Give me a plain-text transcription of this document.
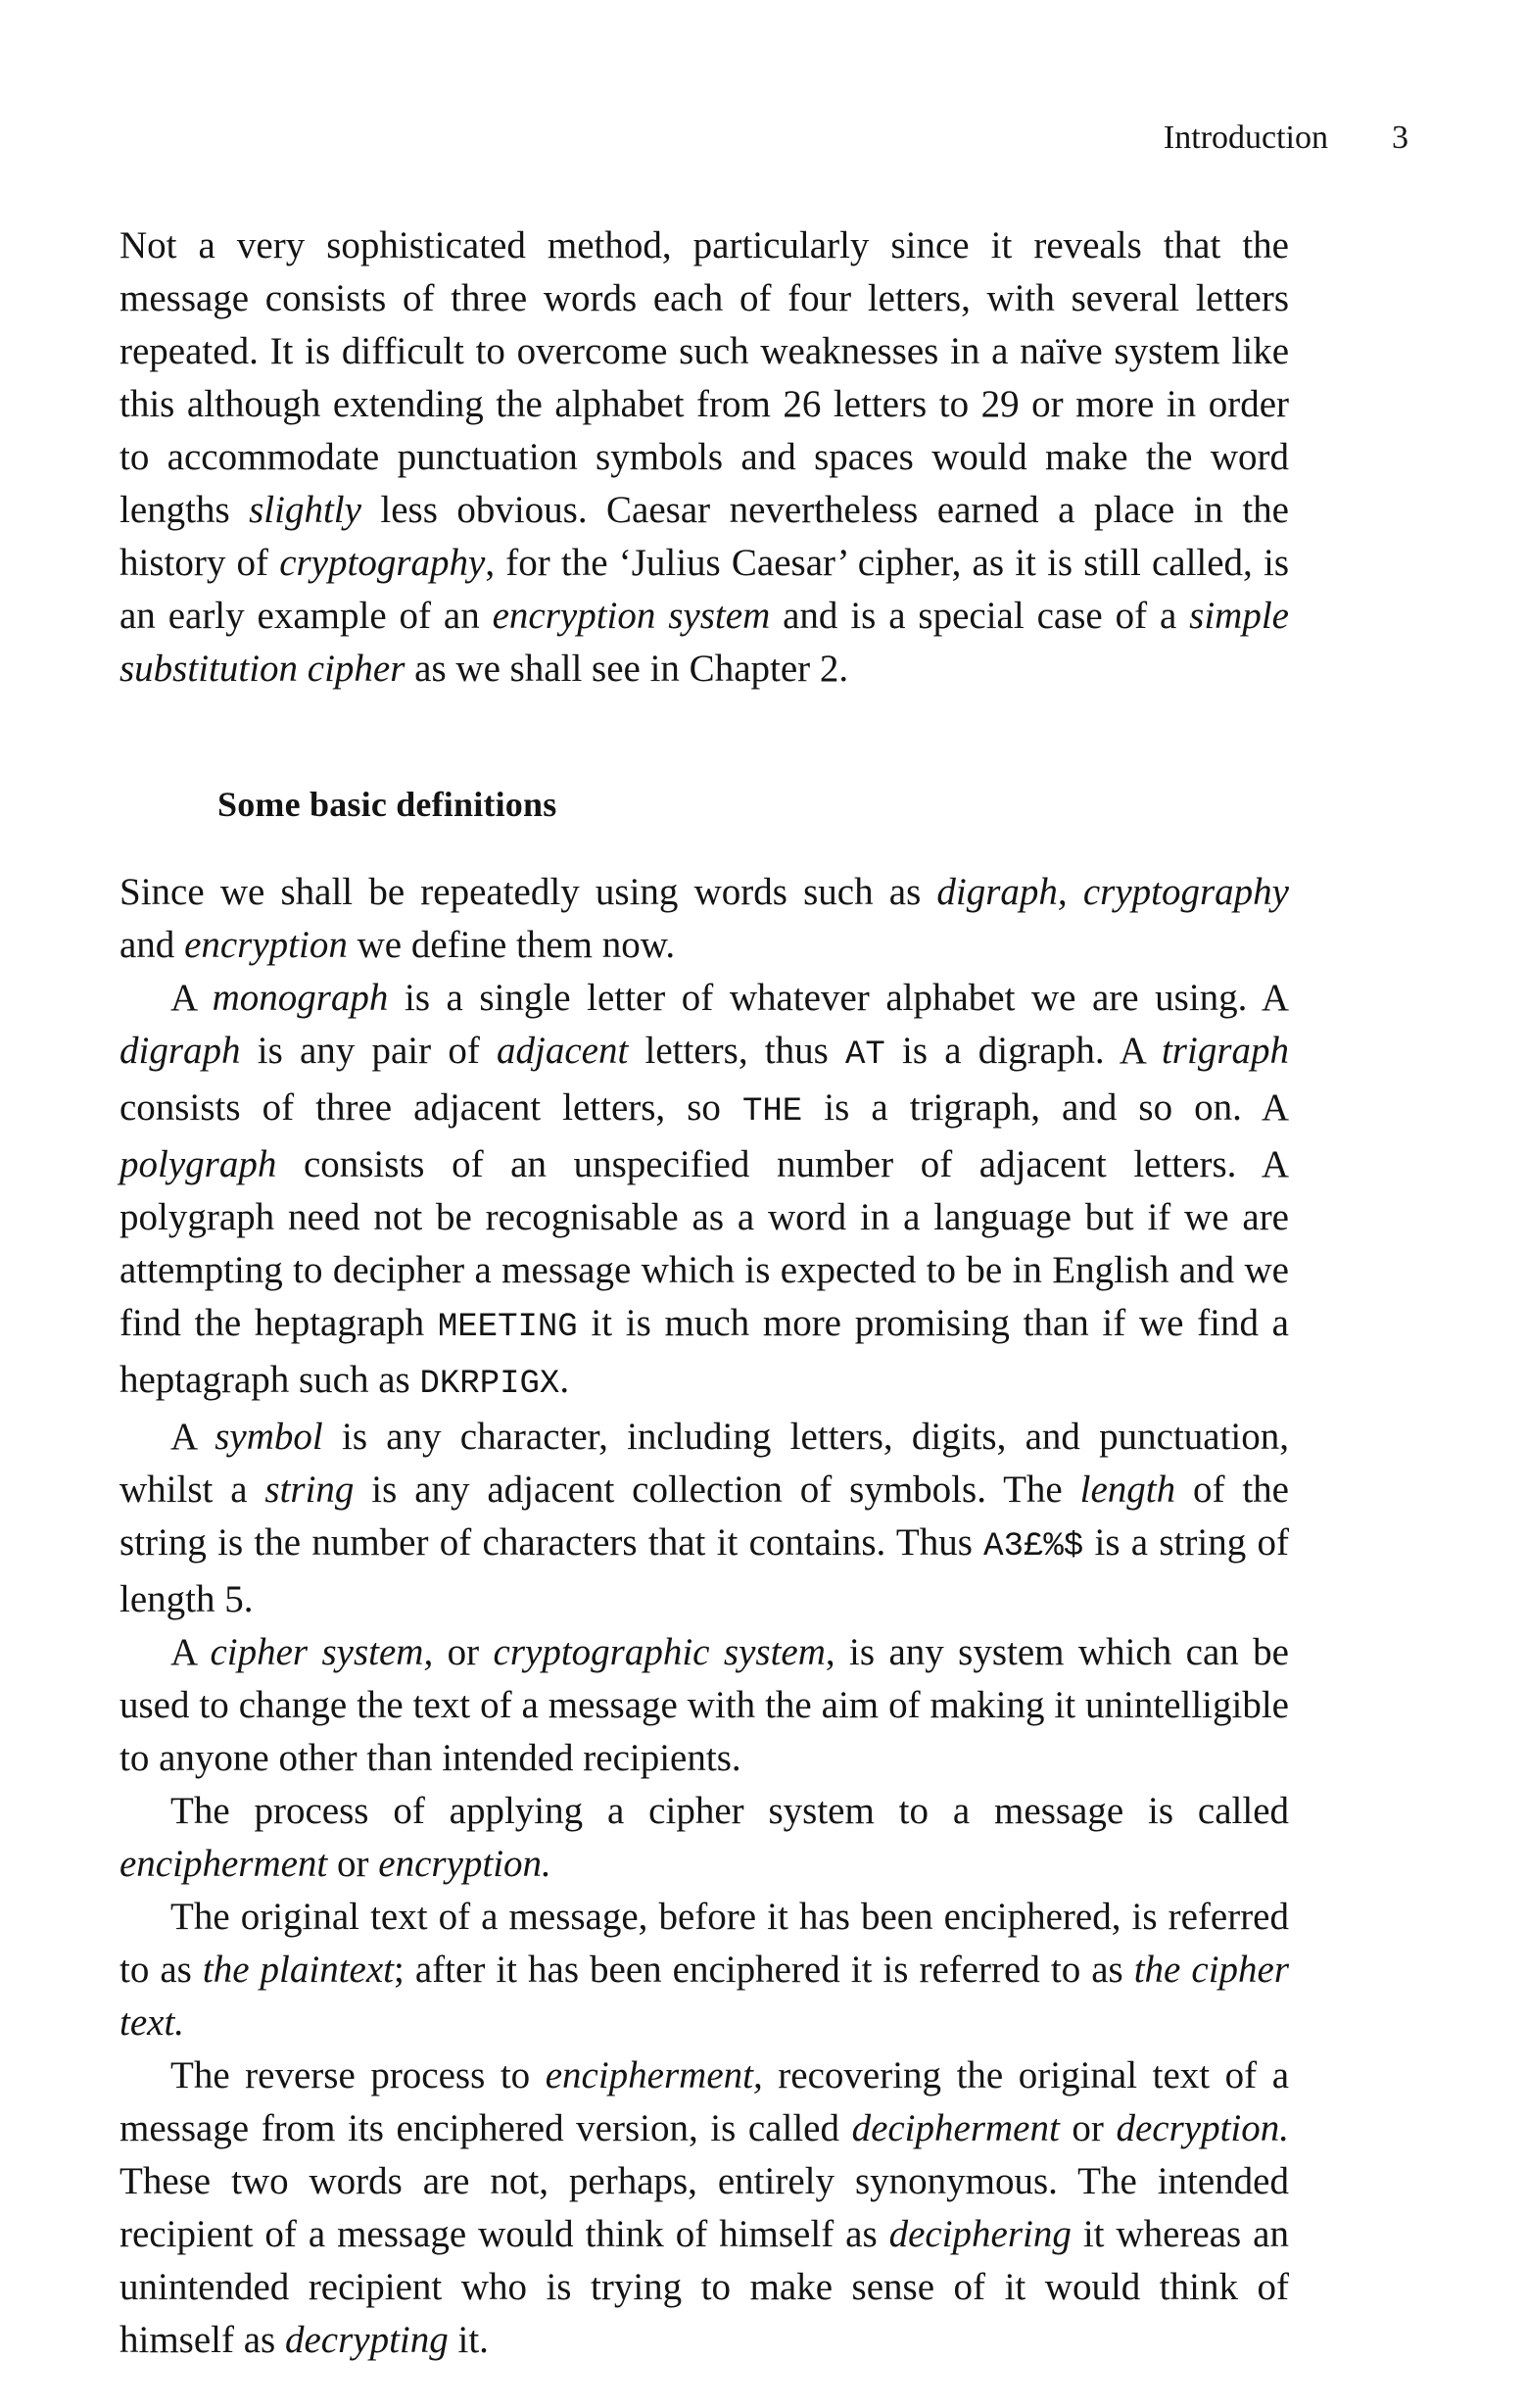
Introduction 3

Not a very sophisticated method, particularly since it reveals that the message consists of three words each of four letters, with several letters repeated. It is difficult to overcome such weaknesses in a naïve system like this although extending the alphabet from 26 letters to 29 or more in order to accommodate punctuation symbols and spaces would make the word lengths slightly less obvious. Caesar nevertheless earned a place in the history of cryptography, for the ‘Julius Caesar’ cipher, as it is still called, is an early example of an encryption system and is a special case of a simple substitution cipher as we shall see in Chapter 2.

Some basic definitions

Since we shall be repeatedly using words such as digraph, cryptography and encryption we define them now.

A monograph is a single letter of whatever alphabet we are using. A digraph is any pair of adjacent letters, thus AT is a digraph. A trigraph consists of three adjacent letters, so THE is a trigraph, and so on. A polygraph consists of an unspecified number of adjacent letters. A polygraph need not be recognisable as a word in a language but if we are attempting to decipher a message which is expected to be in English and we find the heptagraph MEETING it is much more promising than if we find a heptagraph such as DKRPIGX.

A symbol is any character, including letters, digits, and punctuation, whilst a string is any adjacent collection of symbols. The length of the string is the number of characters that it contains. Thus A3£%$ is a string of length 5.

A cipher system, or cryptographic system, is any system which can be used to change the text of a message with the aim of making it unintelligible to anyone other than intended recipients.

The process of applying a cipher system to a message is called encipherment or encryption.

The original text of a message, before it has been enciphered, is referred to as the plaintext; after it has been enciphered it is referred to as the cipher text.

The reverse process to encipherment, recovering the original text of a message from its enciphered version, is called decipherment or decryption. These two words are not, perhaps, entirely synonymous. The intended recipient of a message would think of himself as deciphering it whereas an unintended recipient who is trying to make sense of it would think of himself as decrypting it.
